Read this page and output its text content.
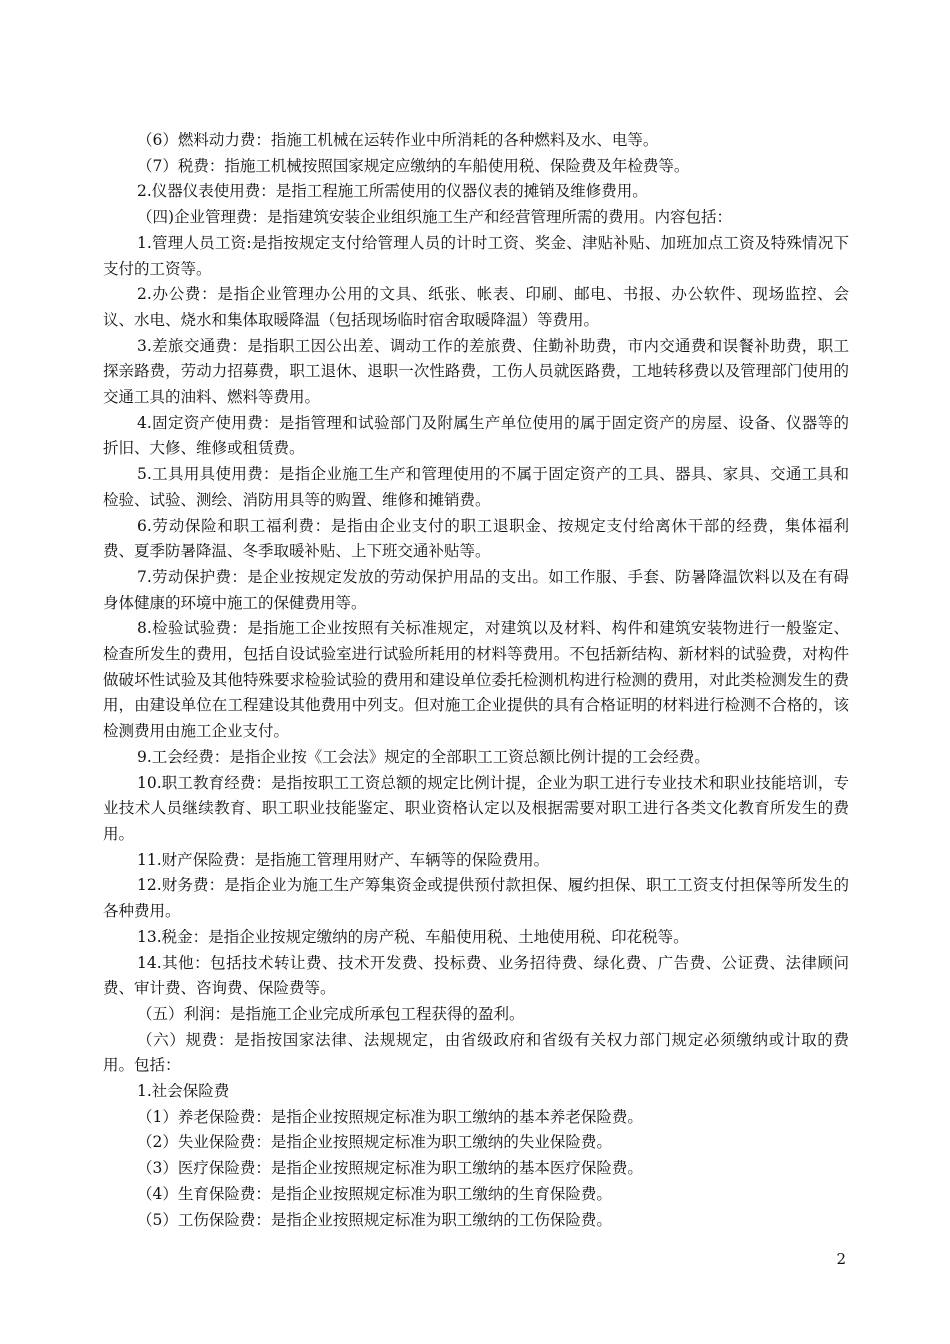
（6）燃料动力费：指施工机械在运转作业中所消耗的各种燃料及水、电等。

（7）税费：指施工机械按照国家规定应缴纳的车船使用税、保险费及年检费等。

2.仪器仪表使用费：是指工程施工所需使用的仪器仪表的摊销及维修费用。

（四)企业管理费：是指建筑安装企业组织施工生产和经营管理所需的费用。内容包括：

1.管理人员工资:是指按规定支付给管理人员的计时工资、奖金、津贴补贴、加班加点工资及特殊情况下支付的工资等。

2.办公费：是指企业管理办公用的文具、纸张、帐表、印刷、邮电、书报、办公软件、现场监控、会议、水电、烧水和集体取暖降温（包括现场临时宿舍取暖降温）等费用。

3.差旅交通费：是指职工因公出差、调动工作的差旅费、住勤补助费，市内交通费和误餐补助费，职工探亲路费，劳动力招募费，职工退休、退职一次性路费，工伤人员就医路费，工地转移费以及管理部门使用的交通工具的油料、燃料等费用。

4.固定资产使用费：是指管理和试验部门及附属生产单位使用的属于固定资产的房屋、设备、仪器等的折旧、大修、维修或租赁费。

5.工具用具使用费：是指企业施工生产和管理使用的不属于固定资产的工具、器具、家具、交通工具和检验、试验、测绘、消防用具等的购置、维修和摊销费。

6.劳动保险和职工福利费：是指由企业支付的职工退职金、按规定支付给离休干部的经费，集体福利费、夏季防暑降温、冬季取暖补贴、上下班交通补贴等。

7.劳动保护费：是企业按规定发放的劳动保护用品的支出。如工作服、手套、防暑降温饮料以及在有碍身体健康的环境中施工的保健费用等。

8.检验试验费：是指施工企业按照有关标准规定，对建筑以及材料、构件和建筑安装物进行一般鉴定、检查所发生的费用，包括自设试验室进行试验所耗用的材料等费用。不包括新结构、新材料的试验费，对构件做破坏性试验及其他特殊要求检验试验的费用和建设单位委托检测机构进行检测的费用，对此类检测发生的费用，由建设单位在工程建设其他费用中列支。但对施工企业提供的具有合格证明的材料进行检测不合格的，该检测费用由施工企业支付。

9.工会经费：是指企业按《工会法》规定的全部职工工资总额比例计提的工会经费。

10.职工教育经费：是指按职工工资总额的规定比例计提，企业为职工进行专业技术和职业技能培训，专业技术人员继续教育、职工职业技能鉴定、职业资格认定以及根据需要对职工进行各类文化教育所发生的费用。

11.财产保险费：是指施工管理用财产、车辆等的保险费用。

12.财务费：是指企业为施工生产筹集资金或提供预付款担保、履约担保、职工工资支付担保等所发生的各种费用。

13.税金：是指企业按规定缴纳的房产税、车船使用税、土地使用税、印花税等。

14.其他：包括技术转让费、技术开发费、投标费、业务招待费、绿化费、广告费、公证费、法律顾问费、审计费、咨询费、保险费等。

（五）利润：是指施工企业完成所承包工程获得的盈利。

（六）规费：是指按国家法律、法规规定，由省级政府和省级有关权力部门规定必须缴纳或计取的费用。包括：

1.社会保险费

（1）养老保险费：是指企业按照规定标准为职工缴纳的基本养老保险费。

（2）失业保险费：是指企业按照规定标准为职工缴纳的失业保险费。

（3）医疗保险费：是指企业按照规定标准为职工缴纳的基本医疗保险费。

（4）生育保险费：是指企业按照规定标准为职工缴纳的生育保险费。

（5）工伤保险费：是指企业按照规定标准为职工缴纳的工伤保险费。

2
